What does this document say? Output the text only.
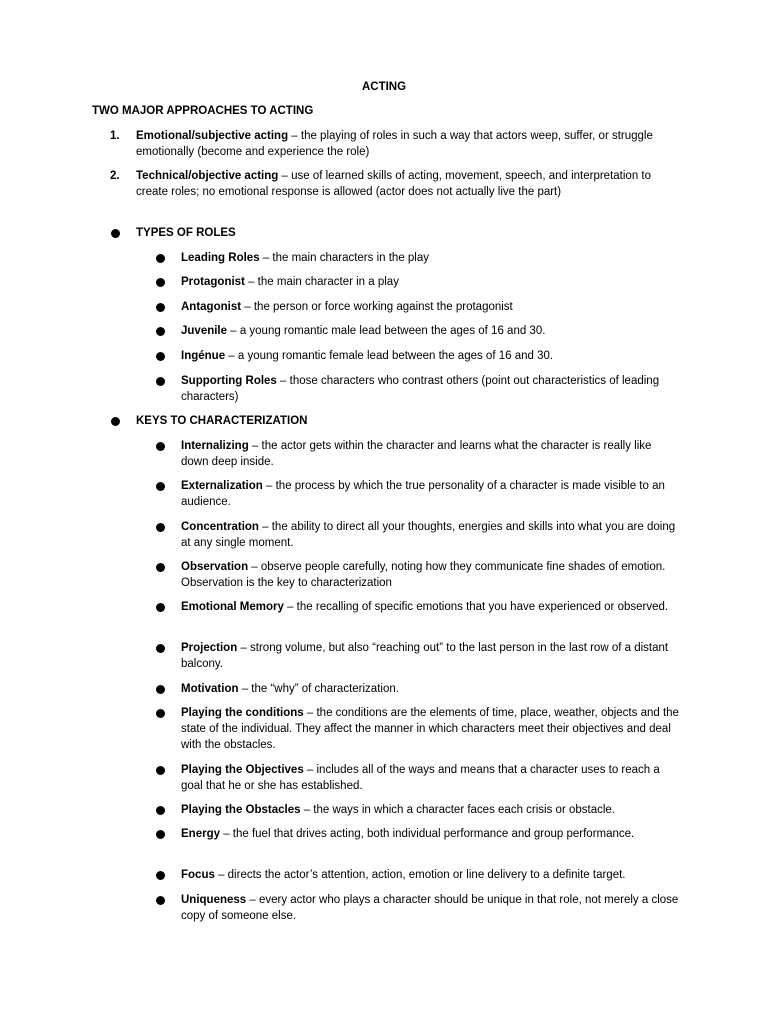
ACTING
TWO MAJOR APPROACHES TO ACTING
1. Emotional/subjective acting – the playing of roles in such a way that actors weep, suffer, or struggle emotionally (become and experience the role)
2. Technical/objective acting – use of learned skills of acting, movement, speech, and interpretation to create roles; no emotional response is allowed (actor does not actually live the part)
TYPES OF ROLES
Leading Roles – the main characters in the play
Protagonist – the main character in a play
Antagonist – the person or force working against the protagonist
Juvenile – a young romantic male lead between the ages of 16 and 30.
Ingénue – a young romantic female lead between the ages of 16 and 30.
Supporting Roles – those characters who contrast others (point out characteristics of leading characters)
KEYS TO CHARACTERIZATION
Internalizing – the actor gets within the character and learns what the character is really like down deep inside.
Externalization – the process by which the true personality of a character is made visible to an audience.
Concentration – the ability to direct all your thoughts, energies and skills into what you are doing at any single moment.
Observation – observe people carefully, noting how they communicate fine shades of emotion. Observation is the key to characterization
Emotional Memory – the recalling of specific emotions that you have experienced or observed.
Projection – strong volume, but also “reaching out” to the last person in the last row of a distant balcony.
Motivation – the “why” of characterization.
Playing the conditions – the conditions are the elements of time, place, weather, objects and the state of the individual. They affect the manner in which characters meet their objectives and deal with the obstacles.
Playing the Objectives – includes all of the ways and means that a character uses to reach a goal that he or she has established.
Playing the Obstacles – the ways in which a character faces each crisis or obstacle.
Energy – the fuel that drives acting, both individual performance and group performance.
Focus – directs the actor’s attention, action, emotion or line delivery to a definite target.
Uniqueness – every actor who plays a character should be unique in that role, not merely a close copy of someone else.
